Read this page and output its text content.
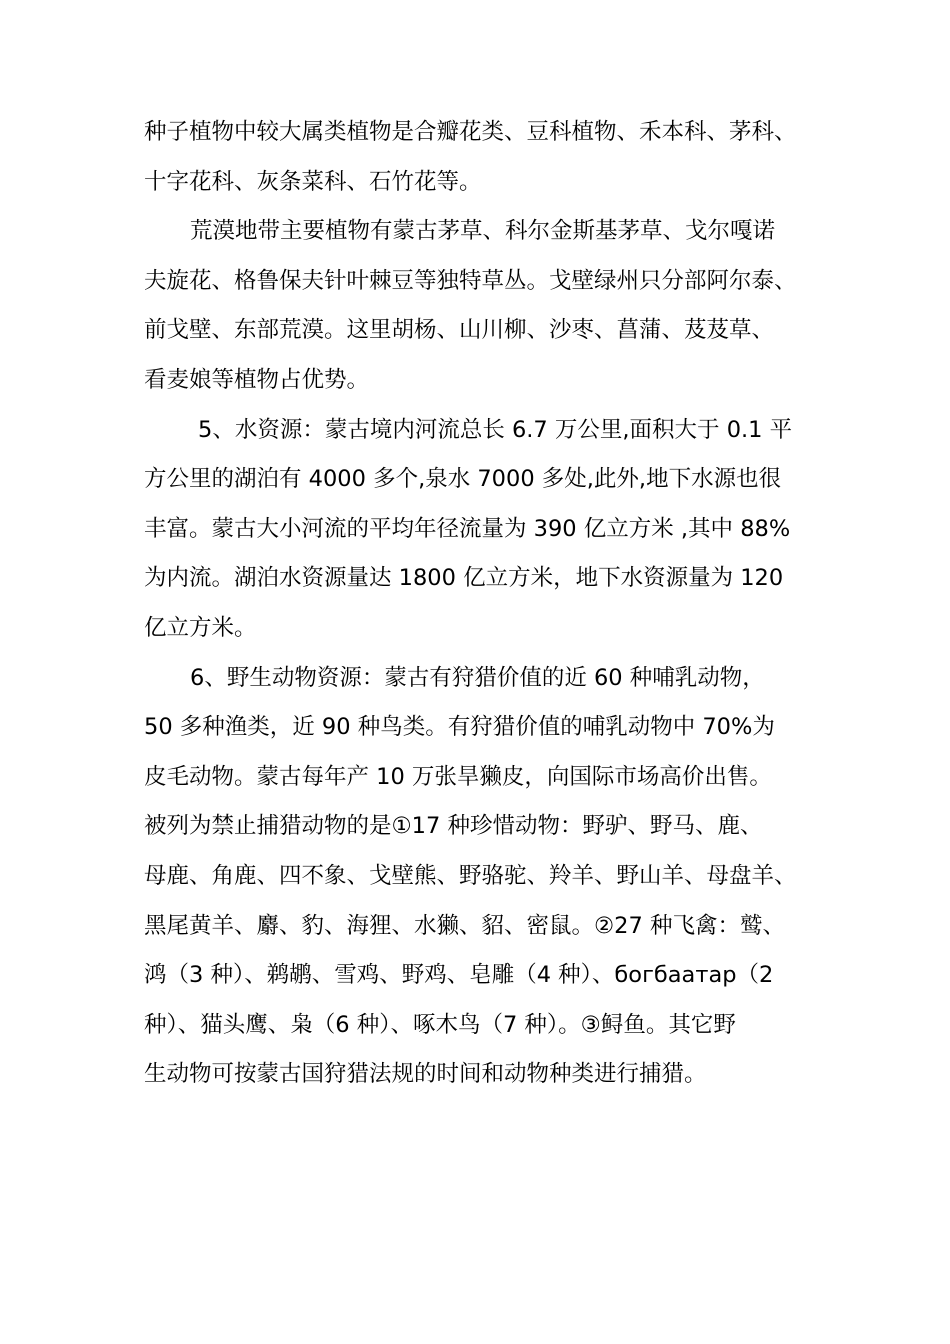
种子植物中较大属类植物是合瓣花类、豆科植物、禾本科、茅科、
十字花科、灰条菜科、石竹花等。
荒漠地带主要植物有蒙古茅草、科尔金斯基茅草、戈尔嘎诺
夫旋花、格鲁保夫针叶棘豆等独特草丛。戈壁绿州只分部阿尔泰、
前戈壁、东部荒漠。这里胡杨、山川柳、沙枣、菖蒲、芨芨草、
看麦娘等植物占优势。
5、水资源：蒙古境内河流总长 6.7 万公里,面积大于 0.1 平
方公里的湖泊有 4000 多个,泉水 7000 多处,此外,地下水源也很
丰富。蒙古大小河流的平均年径流量为 390 亿立方米 ,其中 88%
为内流。湖泊水资源量达 1800 亿立方米，地下水资源量为 120
亿立方米。
6、野生动物资源：蒙古有狩猎价值的近 60 种哺乳动物，
50 多种渔类，近 90 种鸟类。有狩猎价值的哺乳动物中 70%为
皮毛动物。蒙古每年产 10 万张旱獭皮，向国际市场高价出售。
被列为禁止捕猎动物的是①17 种珍惜动物：野驴、野马、鹿、
母鹿、角鹿、四不象、戈壁熊、野骆驼、羚羊、野山羊、母盘羊、
黑尾黄羊、麝、豹、海狸、水獭、貂、密鼠。②27 种飞禽：鹫、
鸿（3 种）、鹈鹕、雪鸡、野鸡、皂雕（4 种）、богбаатар（2
种）、猫头鹰、枭（6 种）、啄木鸟（7 种）。③鲟鱼。其它野
生动物可按蒙古国狩猎法规的时间和动物种类进行捕猎。
